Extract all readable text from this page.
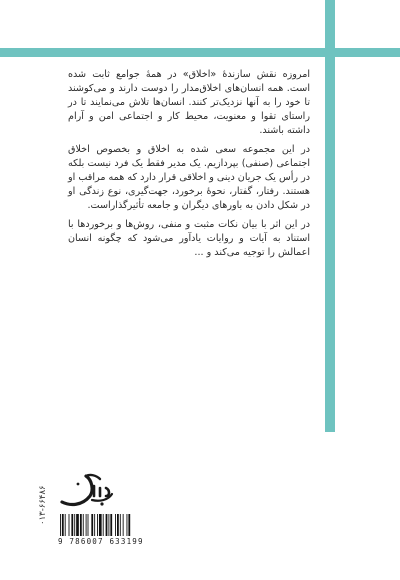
امروزه نقش سازندهٔ «اخلاق» در همهٔ جوامع ثابت شده است. همه انسان‌های اخلاق‌مدار را دوست دارند و می‌کوشند تا خود را به آنها نزدیک‌تر کنند. انسان‌ها تلاش می‌نمایند تا در راستای تقوا و معنویت، محیط کار و اجتماعی امن و آرام داشته باشند.

در این مجموعه سعی شده به اخلاق و بخصوص اخلاق اجتماعی (صنفی) بپردازیم. یک مدیر فقط یک فرد نیست بلکه در رأس یک جریان دینی و اخلاقی قرار دارد که همه مراقب او هستند. رفتار، گفتار، نحوهٔ برخورد، جهت‌گیری، نوع زندگی او در شکل دادن به باورهای دیگران و جامعه تأثیرگذاراست.

در این اثر با بیان نکات مثبت و منفی، روش‌ها و برخوردها با استناد به آیات و روایات یادآور می‌شود که چگونه انسان اعمالش را توجیه می‌کند و ...

۰۱۳-۶۶۴۸۶
9 786007 633199
